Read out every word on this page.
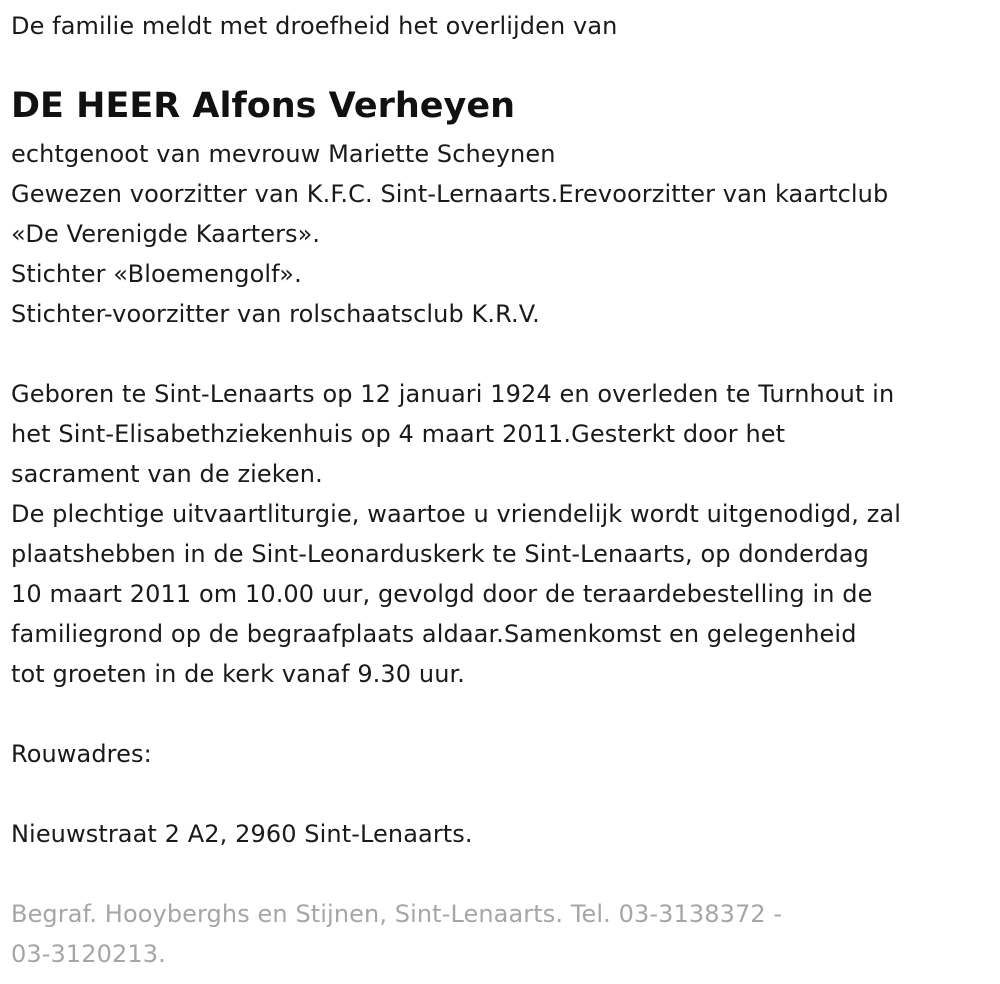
De familie meldt met droefheid het overlijden van
DE HEER Alfons Verheyen
echtgenoot van mevrouw Mariette Scheynen
Gewezen voorzitter van K.F.C. Sint-Lernaarts.Erevoorzitter van kaartclub
«De Verenigde Kaarters».
Stichter «Bloemengolf».
Stichter-voorzitter van rolschaatsclub K.R.V.
Geboren te Sint-Lenaarts op 12 januari 1924 en overleden te Turnhout in
het Sint-Elisabethziekenhuis op 4 maart 2011.Gesterkt door het
sacrament van de zieken.
De plechtige uitvaartliturgie, waartoe u vriendelijk wordt uitgenodigd, zal
plaatshebben in de Sint-Leonarduskerk te Sint-Lenaarts, op donderdag
10 maart 2011 om 10.00 uur, gevolgd door de teraardebestelling in de
familiegrond op de begraafplaats aldaar.Samenkomst en gelegenheid
tot groeten in de kerk vanaf 9.30 uur.
Rouwadres:
Nieuwstraat 2 A2, 2960 Sint-Lenaarts.
Begraf. Hooyberghs en Stijnen, Sint-Lenaarts. Tel. 03-3138372 -
03-3120213.
